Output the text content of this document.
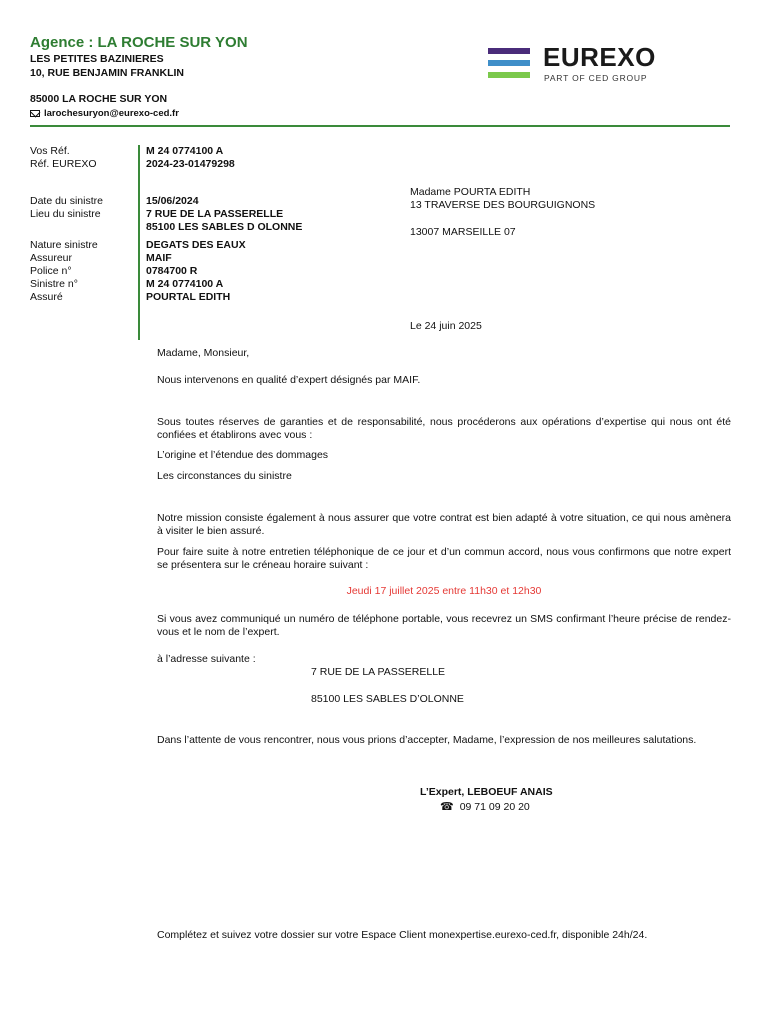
Agence : LA ROCHE SUR YON
LES PETITES BAZINIERES
10, RUE BENJAMIN FRANKLIN
85000 LA ROCHE SUR YON
larochesuryon@eurexo-ced.fr
EUREXO
PART OF CED GROUP
Vos Réf.	M 24 0774100 A
Réf. EUREXO	2024-23-01479298
Date du sinistre	15/06/2024
Lieu du sinistre	7 RUE DE LA PASSERELLE
85100 LES SABLES D OLONNE
Nature sinistre	DEGATS DES EAUX
Assureur	MAIF
Police n°	0784700 R
Sinistre n°	M 24 0774100 A
Assuré	POURTAL EDITH
Madame POURTA EDITH
13 TRAVERSE DES BOURGUIGNONS
13007 MARSEILLE 07
Le 24 juin 2025
Madame, Monsieur,
Nous intervenons en qualité d’expert désignés par MAIF.
Sous toutes réserves de garanties et de responsabilité, nous procéderons aux opérations d’expertise qui nous ont été confiées et établirons avec vous :
L’origine et l’étendue des dommages
Les circonstances du sinistre
Notre mission consiste également à nous assurer que votre contrat est bien adapté à votre situation, ce qui nous amènera à visiter le bien assuré.
Pour faire suite à notre entretien téléphonique de ce jour et d’un commun accord, nous vous confirmons que notre expert se présentera sur le créneau horaire suivant :
Jeudi 17 juillet 2025 entre 11h30 et 12h30
Si vous avez communiqué un numéro de téléphone portable, vous recevrez un SMS confirmant l’heure précise de rendez-vous et le nom de l’expert.
à l’adresse suivante :
7 RUE DE LA PASSERELLE
85100 LES SABLES D’OLONNE
Dans l’attente de vous rencontrer, nous vous prions d’accepter, Madame, l’expression de nos meilleures salutations.
L’Expert, LEBOEUF ANAIS
☎ 09 71 09 20 20
Complétez et suivez votre dossier sur votre Espace Client monexpertise.eurexo-ced.fr, disponible 24h/24.
